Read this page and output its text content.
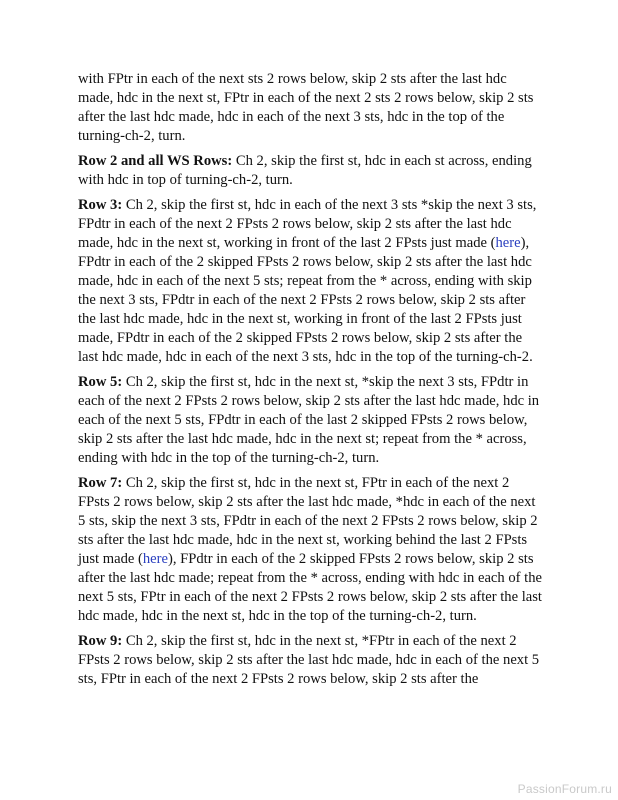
with FPtr in each of the next sts 2 rows below, skip 2 sts after the last hdc made, hdc in the next st, FPtr in each of the next 2 sts 2 rows below, skip 2 sts after the last hdc made, hdc in each of the next 3 sts, hdc in the top of the turning-ch-2, turn.

Row 2 and all WS Rows: Ch 2, skip the first st, hdc in each st across, ending with hdc in top of turning-ch-2, turn.

Row 3: Ch 2, skip the first st, hdc in each of the next 3 sts *skip the next 3 sts, FPdtr in each of the next 2 FPsts 2 rows below, skip 2 sts after the last hdc made, hdc in the next st, working in front of the last 2 FPsts just made (here), FPdtr in each of the 2 skipped FPsts 2 rows below, skip 2 sts after the last hdc made, hdc in each of the next 5 sts; repeat from the * across, ending with skip the next 3 sts, FPdtr in each of the next 2 FPsts 2 rows below, skip 2 sts after the last hdc made, hdc in the next st, working in front of the last 2 FPsts just made, FPdtr in each of the 2 skipped FPsts 2 rows below, skip 2 sts after the last hdc made, hdc in each of the next 3 sts, hdc in the top of the turning-ch-2.

Row 5: Ch 2, skip the first st, hdc in the next st, *skip the next 3 sts, FPdtr in each of the next 2 FPsts 2 rows below, skip 2 sts after the last hdc made, hdc in each of the next 5 sts, FPdtr in each of the last 2 skipped FPsts 2 rows below, skip 2 sts after the last hdc made, hdc in the next st; repeat from the * across, ending with hdc in the top of the turning-ch-2, turn.

Row 7: Ch 2, skip the first st, hdc in the next st, FPtr in each of the next 2 FPsts 2 rows below, skip 2 sts after the last hdc made, *hdc in each of the next 5 sts, skip the next 3 sts, FPdtr in each of the next 2 FPsts 2 rows below, skip 2 sts after the last hdc made, hdc in the next st, working behind the last 2 FPsts just made (here), FPdtr in each of the 2 skipped FPsts 2 rows below, skip 2 sts after the last hdc made; repeat from the * across, ending with hdc in each of the next 5 sts, FPtr in each of the next 2 FPsts 2 rows below, skip 2 sts after the last hdc made, hdc in the next st, hdc in the top of the turning-ch-2, turn.

Row 9: Ch 2, skip the first st, hdc in the next st, *FPtr in each of the next 2 FPsts 2 rows below, skip 2 sts after the last hdc made, hdc in each of the next 5 sts, FPtr in each of the next 2 FPsts 2 rows below, skip 2 sts after the

PassionForum.ru
